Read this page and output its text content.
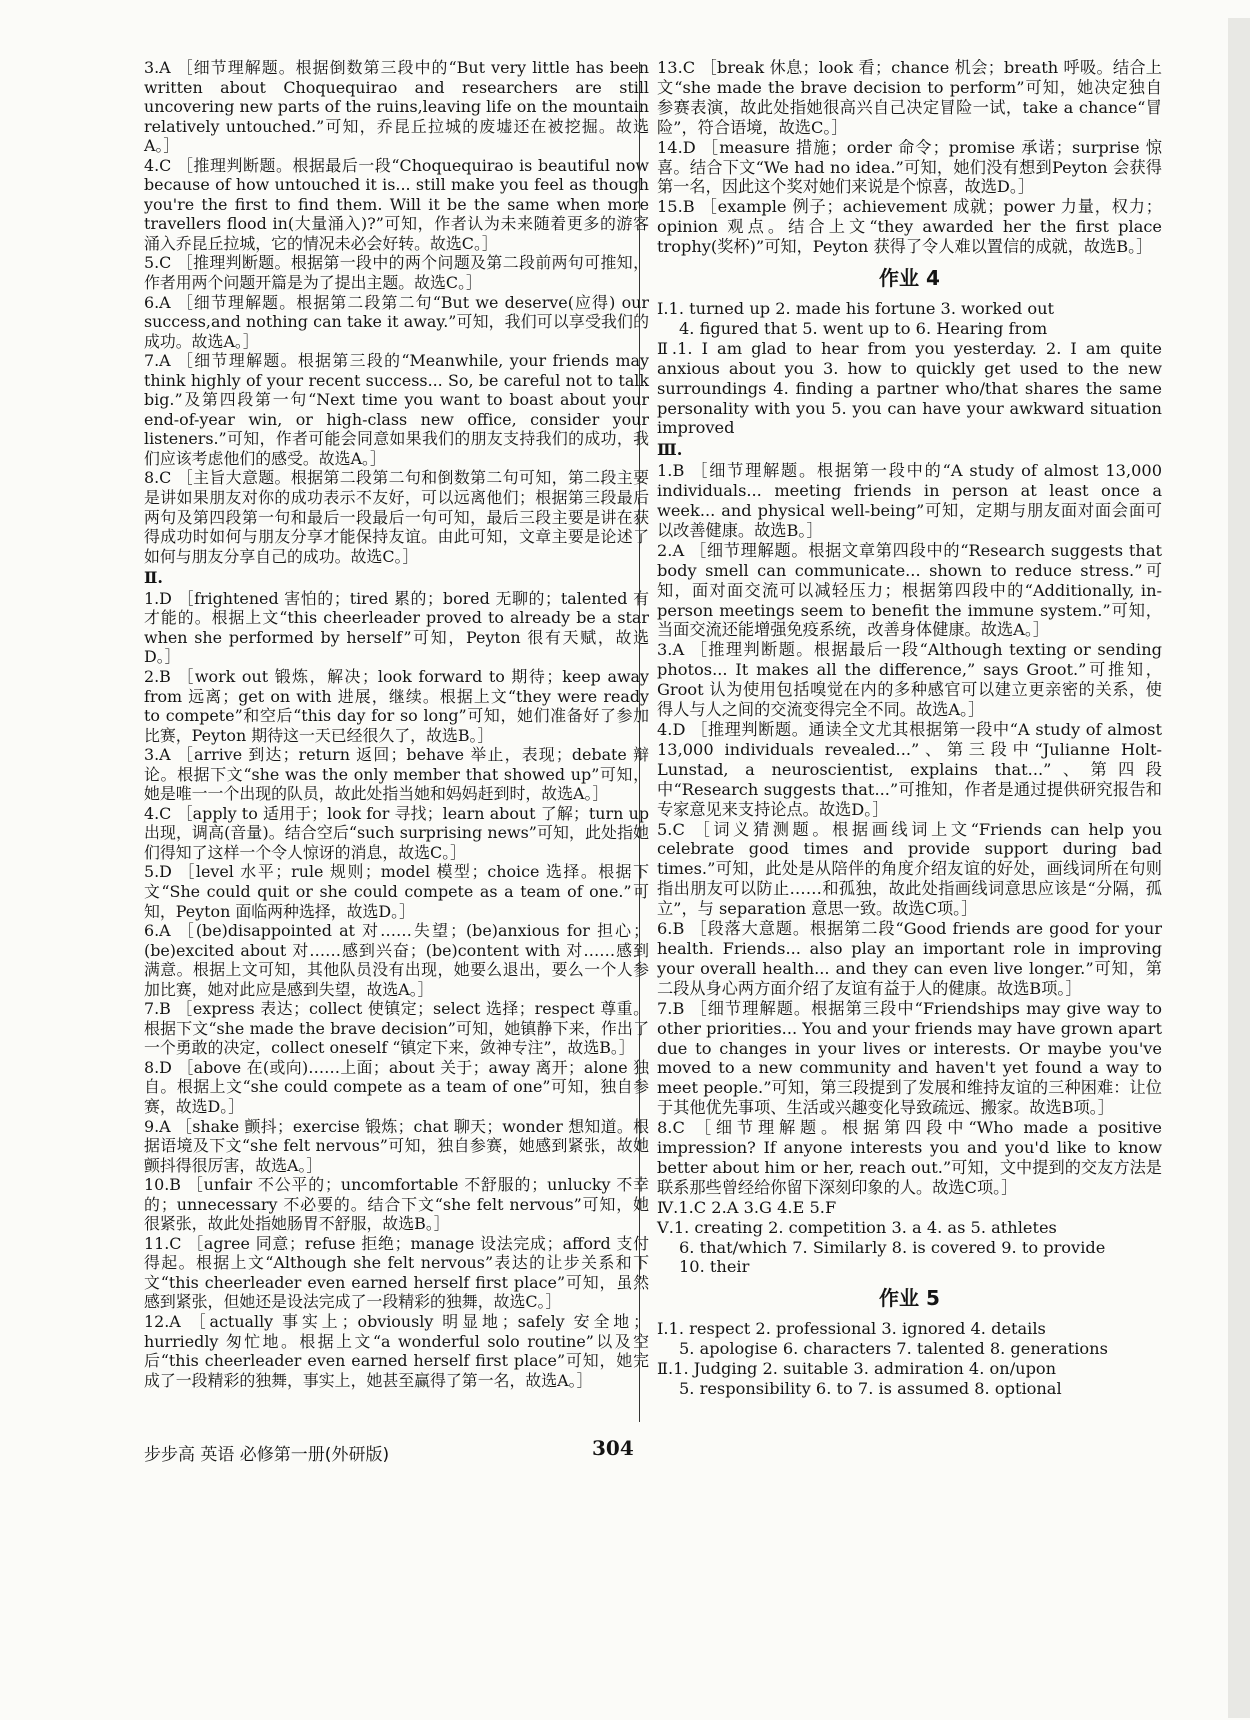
3.A ［细节理解题。根据倒数第三段中的“But very little has been written about Choquequirao and researchers are still uncovering new parts of the ruins,leaving life on the mountain relatively untouched.”可知，乔昆丘拉城的废墟还在被挖掘。故选A。］

4.C ［推理判断题。根据最后一段“Choquequirao is beautiful now because of how untouched it is... still make you feel as though you're the first to find them. Will it be the same when more travellers flood in(大量涌入)?”可知，作者认为未来随着更多的游客涌入乔昆丘拉城，它的情况未必会好转。故选C。］

5.C ［推理判断题。根据第一段中的两个问题及第二段前两句可推知，作者用两个问题开篇是为了提出主题。故选C。］

6.A ［细节理解题。根据第二段第二句“But we deserve(应得) our success,and nothing can take it away.”可知，我们可以享受我们的成功。故选A。］

7.A ［细节理解题。根据第三段的“Meanwhile, your friends may think highly of your recent success... So, be careful not to talk big.”及第四段第一句“Next time you want to boast about your end-of-year win, or high-class new office, consider your listeners.”可知，作者可能会同意如果我们的朋友支持我们的成功，我们应该考虑他们的感受。故选A。］

8.C ［主旨大意题。根据第二段第二句和倒数第二句可知，第二段主要是讲如果朋友对你的成功表示不友好，可以远离他们；根据第三段最后两句及第四段第一句和最后一段最后一句可知，最后三段主要是讲在获得成功时如何与朋友分享才能保持友谊。由此可知，文章主要是论述了如何与朋友分享自己的成功。故选C。］

Ⅱ.

1.D ［frightened 害怕的；tired 累的；bored 无聊的；talented 有才能的。根据上文“this cheerleader proved to already be a star when she performed by herself”可知，Peyton 很有天赋，故选D。］

2.B ［work out 锻炼，解决；look forward to 期待；keep away from 远离；get on with 进展，继续。根据上文“they were ready to compete”和空后“this day for so long”可知，她们准备好了参加比赛，Peyton 期待这一天已经很久了，故选B。］

3.A ［arrive 到达；return 返回；behave 举止，表现；debate 辩论。根据下文“she was the only member that showed up”可知，她是唯一一个出现的队员，故此处指当她和妈妈赶到时，故选A。］

4.C ［apply to 适用于；look for 寻找；learn about 了解；turn up 出现，调高(音量)。结合空后“such surprising news”可知，此处指她们得知了这样一个令人惊讶的消息，故选C。］

5.D ［level 水平；rule 规则；model 模型；choice 选择。根据下文“She could quit or she could compete as a team of one.”可知，Peyton 面临两种选择，故选D。］

6.A ［(be)disappointed at 对……失望；(be)anxious for 担心；(be)excited about 对……感到兴奋；(be)content with 对……感到满意。根据上文可知，其他队员没有出现，她要么退出，要么一个人参加比赛，她对此应是感到失望，故选A。］

7.B ［express 表达；collect 使镇定；select 选择；respect 尊重。根据下文“she made the brave decision”可知，她镇静下来，作出了一个勇敢的决定，collect oneself “镇定下来，敛神专注”，故选B。］

8.D ［above 在(或向)……上面；about 关于；away 离开；alone 独自。根据上文“she could compete as a team of one”可知，独自参赛，故选D。］

9.A ［shake 颤抖；exercise 锻炼；chat 聊天；wonder 想知道。根据语境及下文“she felt nervous”可知，独自参赛，她感到紧张，故她颤抖得很厉害，故选A。］

10.B ［unfair 不公平的；uncomfortable 不舒服的；unlucky 不幸的；unnecessary 不必要的。结合下文“she felt nervous”可知，她很紧张，故此处指她肠胃不舒服，故选B。］

11.C ［agree 同意；refuse 拒绝；manage 设法完成；afford 支付得起。根据上文“Although she felt nervous”表达的让步关系和下文“this cheerleader even earned herself first place”可知，虽然感到紧张，但她还是设法完成了一段精彩的独舞，故选C。］

12.A ［actually 事实上；obviously 明显地；safely 安全地；hurriedly 匆忙地。根据上文“a wonderful solo routine”以及空后“this cheerleader even earned herself first place”可知，她完成了一段精彩的独舞，事实上，她甚至赢得了第一名，故选A。］

13.C ［break 休息；look 看；chance 机会；breath 呼吸。结合上文“she made the brave decision to perform”可知，她决定独自参赛表演，故此处指她很高兴自己决定冒险一试，take a chance“冒险”，符合语境，故选C。］

14.D ［measure 措施；order 命令；promise 承诺；surprise 惊喜。结合下文“We had no idea.”可知，她们没有想到Peyton 会获得第一名，因此这个奖对她们来说是个惊喜，故选D。］

15.B ［example 例子；achievement 成就；power 力量，权力；opinion 观点。结合上文“they awarded her the first place trophy(奖杯)”可知，Peyton 获得了令人难以置信的成就，故选B。］

作业 4

Ⅰ.1. turned up 2. made his fortune 3. worked out

4. figured that 5. went up to 6. Hearing from

Ⅱ.1. I am glad to hear from you yesterday. 2. I am quite anxious about you 3. how to quickly get used to the new surroundings 4. finding a partner who/that shares the same personality with you 5. you can have your awkward situation improved

Ⅲ.

1.B ［细节理解题。根据第一段中的“A study of almost 13,000 individuals... meeting friends in person at least once a week... and physical well-being”可知，定期与朋友面对面会面可以改善健康。故选B。］

2.A ［细节理解题。根据文章第四段中的“Research suggests that body smell can communicate... shown to reduce stress.”可知，面对面交流可以减轻压力；根据第四段中的“Additionally, in-person meetings seem to benefit the immune system.”可知，当面交流还能增强免疫系统，改善身体健康。故选A。］

3.A ［推理判断题。根据最后一段“Although texting or sending photos... It makes all the difference,” says Groot.”可推知，Groot 认为使用包括嗅觉在内的多种感官可以建立更亲密的关系，使得人与人之间的交流变得完全不同。故选A。］

4.D ［推理判断题。通读全文尤其根据第一段中“A study of almost 13,000 individuals revealed...”、第三段中“Julianne Holt-Lunstad, a neuroscientist, explains that...”、第四段中“Research suggests that...”可推知，作者是通过提供研究报告和专家意见来支持论点。故选D。］

5.C ［词义猜测题。根据画线词上文“Friends can help you celebrate good times and provide support during bad times.”可知，此处是从陪伴的角度介绍友谊的好处，画线词所在句则指出朋友可以防止……和孤独，故此处指画线词意思应该是“分隔，孤立”，与 separation 意思一致。故选C项。］

6.B ［段落大意题。根据第二段“Good friends are good for your health. Friends... also play an important role in improving your overall health... and they can even live longer.”可知，第二段从身心两方面介绍了友谊有益于人的健康。故选B项。］

7.B ［细节理解题。根据第三段中“Friendships may give way to other priorities... You and your friends may have grown apart due to changes in your lives or interests. Or maybe you've moved to a new community and haven't yet found a way to meet people.”可知，第三段提到了发展和维持友谊的三种困难：让位于其他优先事项、生活或兴趣变化导致疏远、搬家。故选B项。］

8.C ［细节理解题。根据第四段中“Who made a positive impression? If anyone interests you and you'd like to know better about him or her, reach out.”可知，文中提到的交友方法是联系那些曾经给你留下深刻印象的人。故选C项。］

Ⅳ.1.C 2.A 3.G 4.E 5.F

Ⅴ.1. creating 2. competition 3. a 4. as 5. athletes

6. that/which 7. Similarly 8. is covered 9. to provide

10. their

作业 5

Ⅰ.1. respect 2. professional 3. ignored 4. details

5. apologise 6. characters 7. talented 8. generations

Ⅱ.1. Judging 2. suitable 3. admiration 4. on/upon

5. responsibility 6. to 7. is assumed 8. optional

步步高 英语 必修第一册(外研版)	304
